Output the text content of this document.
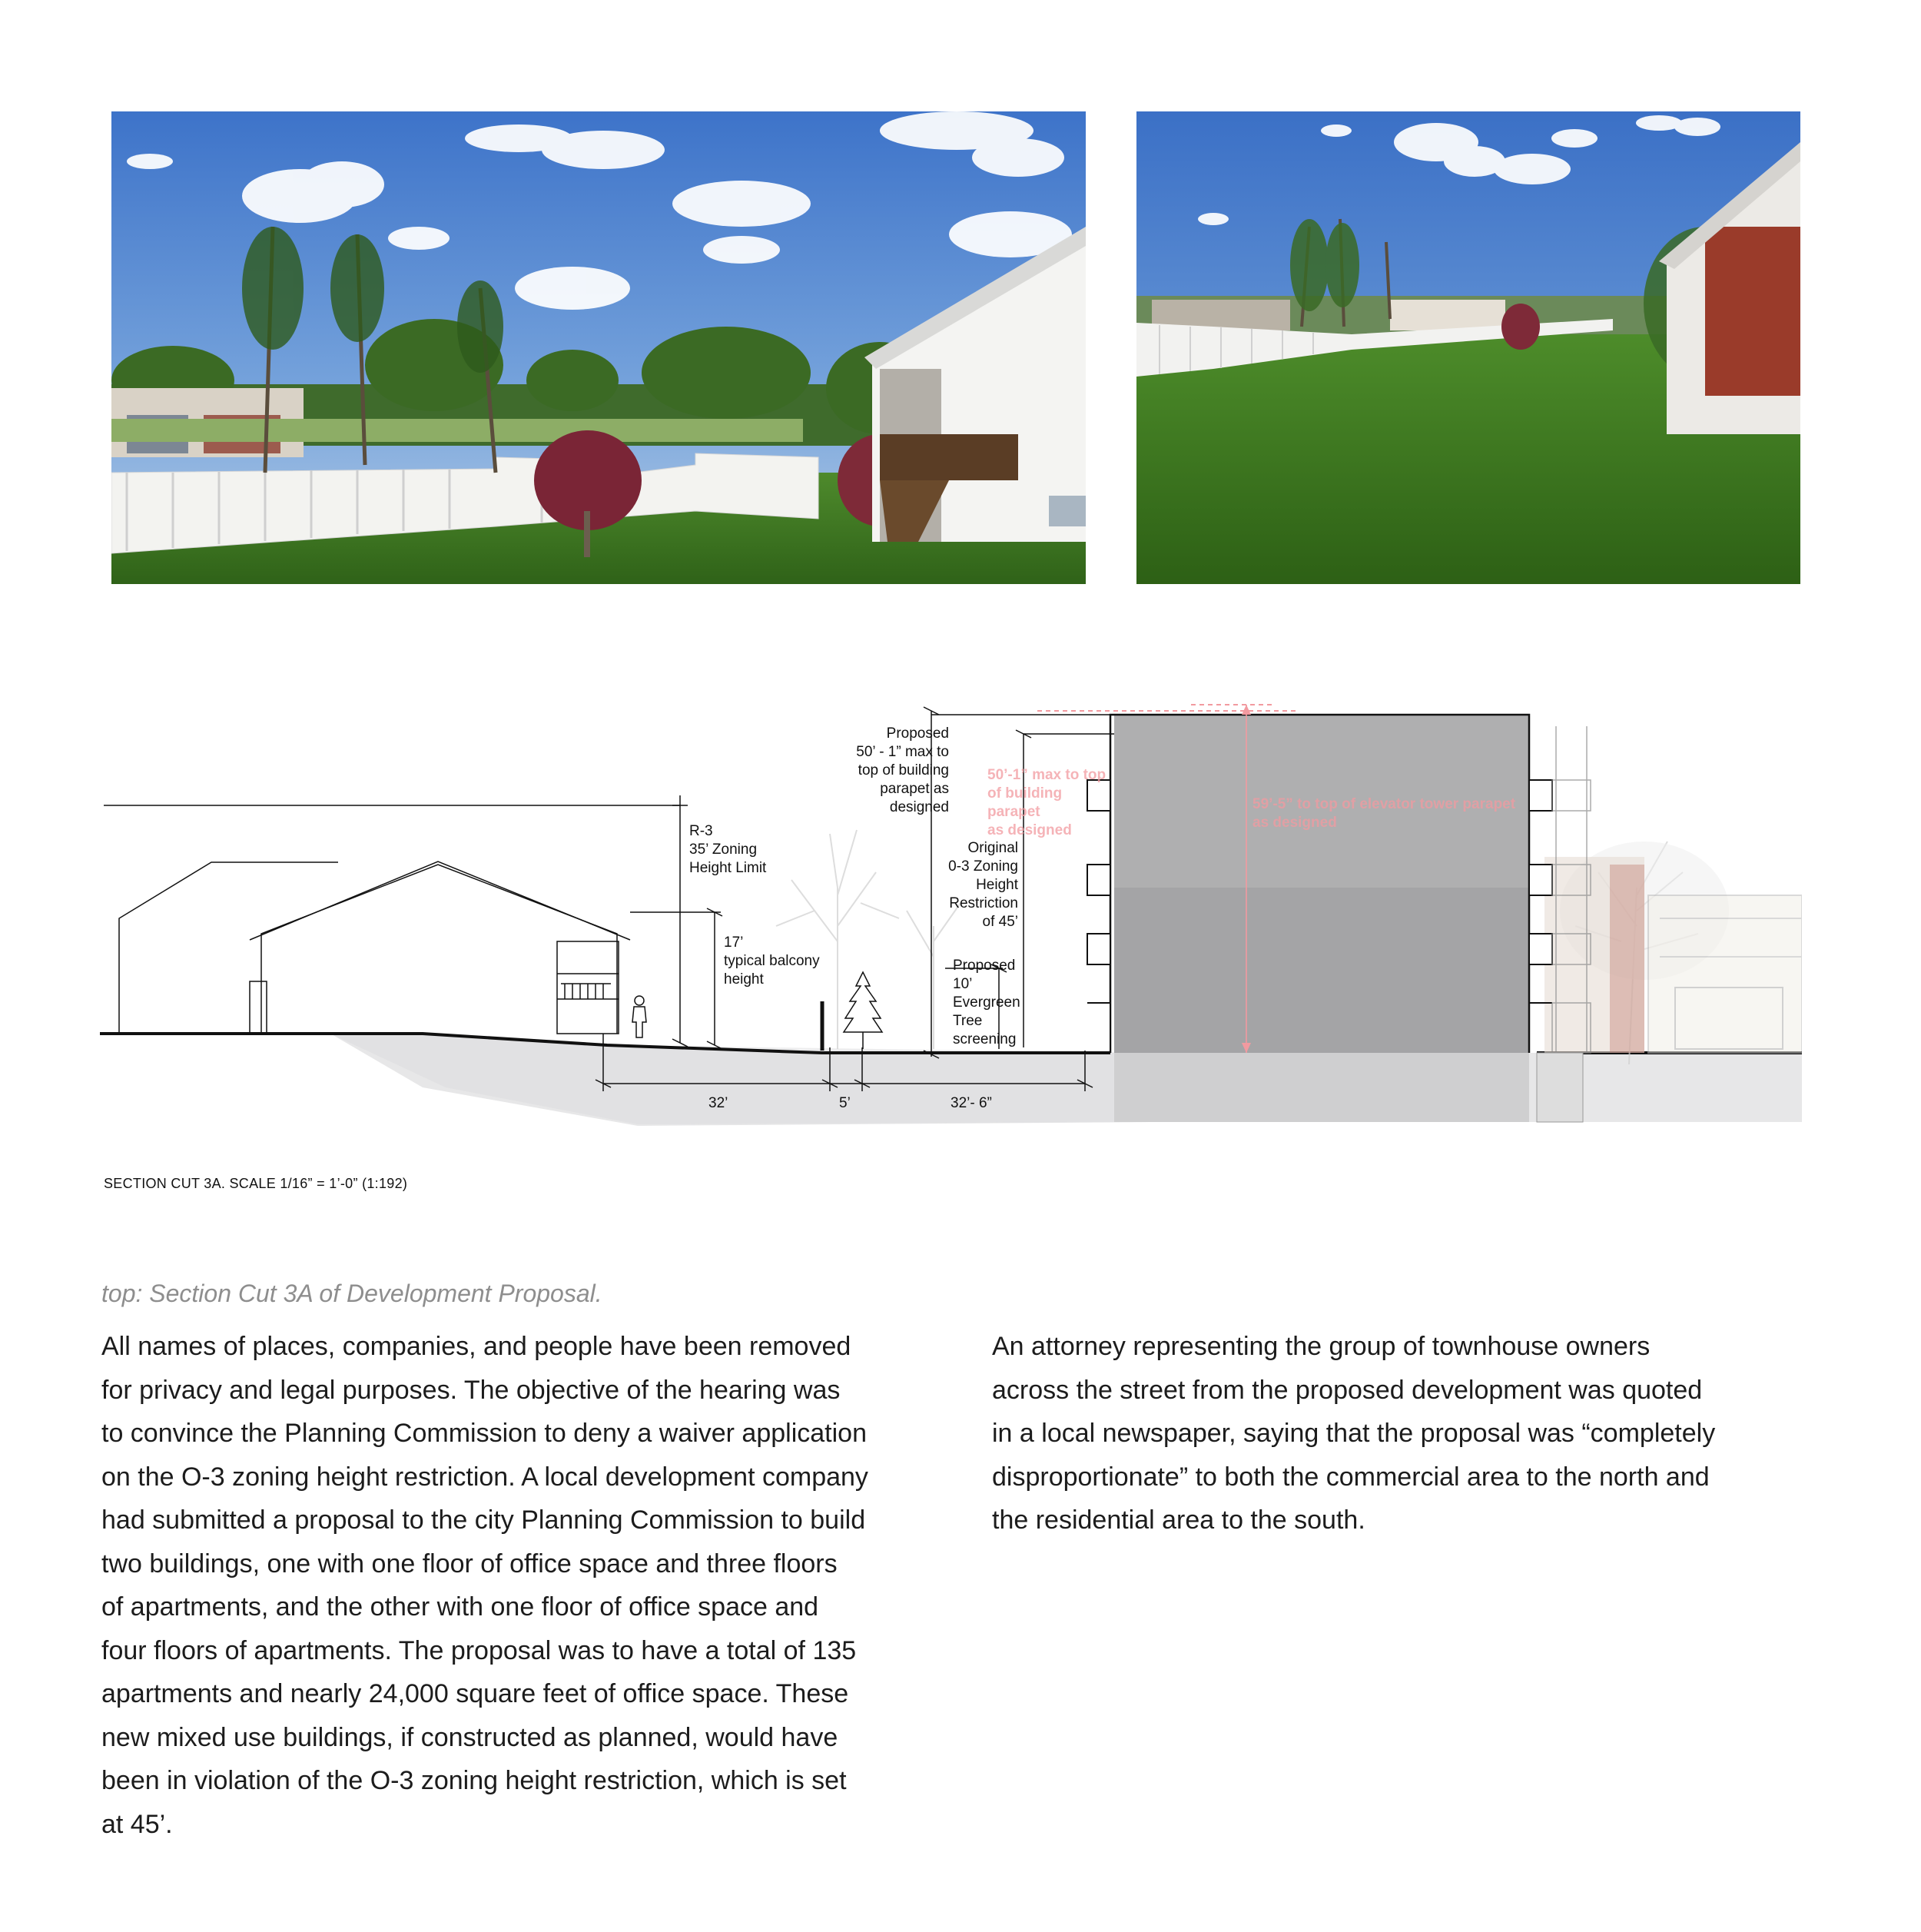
Proposed
50’ - 1” max to
top of building
parapet as
designed
R-3
35’ Zoning
Height Limit
17’
typical balcony
height
Original
0-3 Zoning
Height
Restriction
of 45’
Proposed
10’
Evergreen
Tree
screening
50’-1” max to top
of building
parapet
as designed
59’-5” to top of elevator tower parapet
as designed
32’	5’	32’- 6”
SECTION CUT 3A. SCALE 1/16” = 1’-0” (1:192)
top: Section Cut 3A of Development Proposal.
All names of places, companies, and people have been removed
for privacy and legal purposes. The objective of the hearing was
to convince the Planning Commission to deny a waiver application
on the O-3 zoning height restriction. A local development company
had submitted a proposal to the city Planning Commission to build
two buildings, one with one floor of office space and three floors
of apartments, and the other with one floor of office space and
four floors of apartments. The proposal was to have a total of 135
apartments and nearly 24,000 square feet of office space. These
new mixed use buildings, if constructed as planned, would have
been in violation of the O-3 zoning height restriction, which is set
at 45’.
An attorney representing the group of townhouse owners
across the street from the proposed development was quoted
in a local newspaper, saying that the proposal was “completely
disproportionate” to both the commercial area to the north and
the residential area to the south.
